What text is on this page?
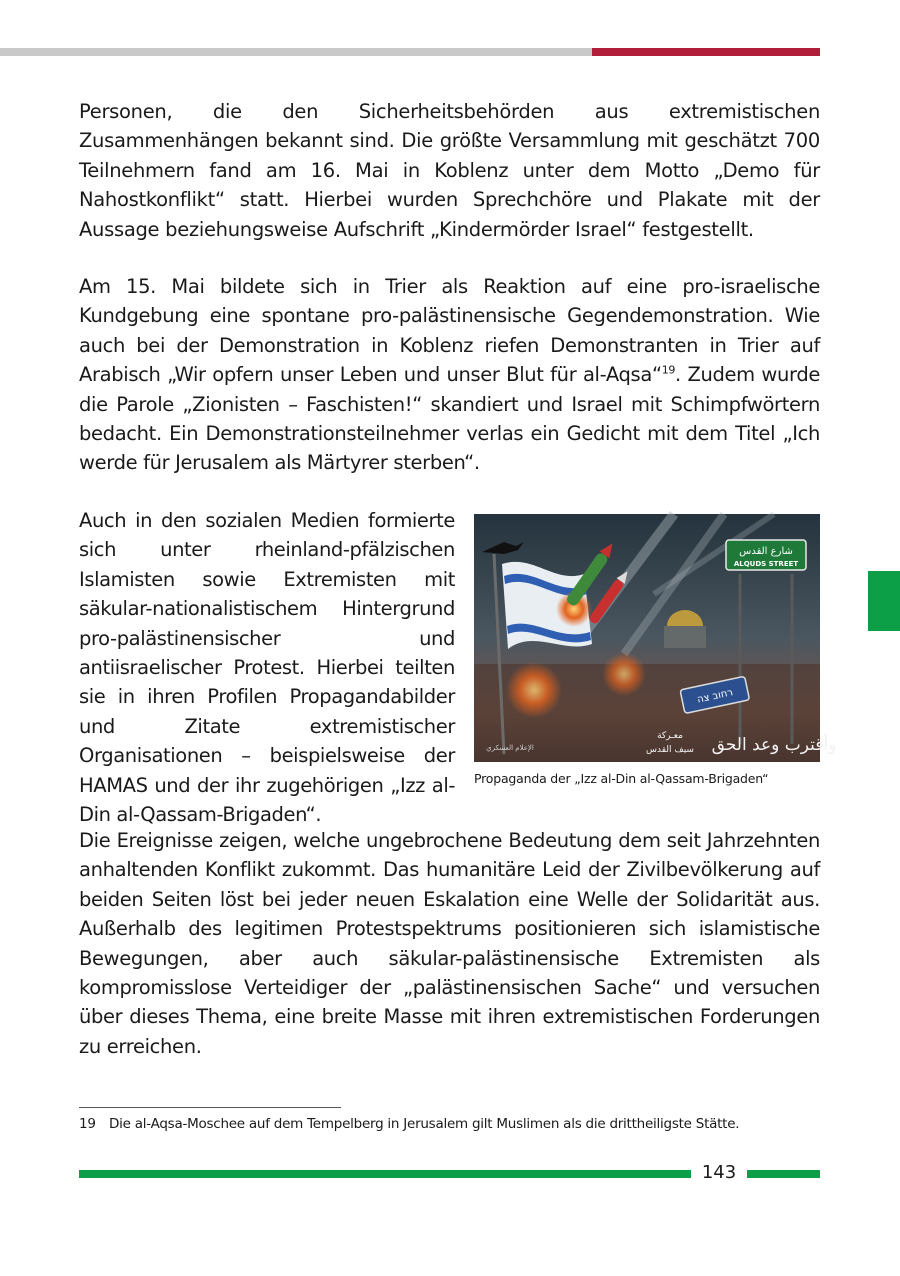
Personen, die den Sicherheitsbehörden aus extremistischen Zusammenhängen bekannt sind. Die größte Versammlung mit geschätzt 700 Teilnehmern fand am 16. Mai in Koblenz unter dem Motto „Demo für Nahostkonflikt“ statt. Hierbei wurden Sprechchöre und Plakate mit der Aussage beziehungsweise Aufschrift „Kindermörder Israel“ festgestellt.

Am 15. Mai bildete sich in Trier als Reaktion auf eine pro-israelische Kundgebung eine spontane pro-palästinensische Gegendemonstration. Wie auch bei der Demonstration in Koblenz riefen Demonstranten in Trier auf Arabisch „Wir opfern unser Leben und unser Blut für al-Aqsa“$^{19}$. Zudem wurde die Parole „Zionisten – Faschisten!“ skandiert und Israel mit Schimpfwörtern bedacht. Ein Demonstrationsteilnehmer verlas ein Gedicht mit dem Titel „Ich werde für Jerusalem als Märtyrer sterben“.

Auch in den sozialen Medien formierte sich unter rheinland-pfälzischen Islamisten sowie Extremisten mit säkular-nationalistischem Hintergrund pro-palästinensischer und antiisraelischer Protest. Hierbei teilten sie in ihren Profilen Propagandabilder und Zitate extremistischer Organisationen – beispielsweise der HAMAS und der ihr zugehörigen „Izz al-Din al-Qassam-Brigaden“.

شارع القدس
ALQUDS STREET
רחוב צה
وأقترب وعد الحق
معـركة
سيف القدس
الإعلام العسكري
Propaganda der „Izz al-Din al-Qassam-Brigaden“

Die Ereignisse zeigen, welche ungebrochene Bedeutung dem seit Jahrzehnten anhaltenden Konflikt zukommt. Das humanitäre Leid der Zivilbevölkerung auf beiden Seiten löst bei jeder neuen Eskalation eine Welle der Solidarität aus. Außerhalb des legitimen Protestspektrums positionieren sich islamistische Bewegungen, aber auch säkular-palästinensische Extremisten als kompromisslose Verteidiger der „palästinensischen Sache“ und versuchen über dieses Thema, eine breite Masse mit ihren extremistischen Forderungen zu erreichen.

19 Die al-Aqsa-Moschee auf dem Tempelberg in Jerusalem gilt Muslimen als die drittheiligste Stätte.
143
